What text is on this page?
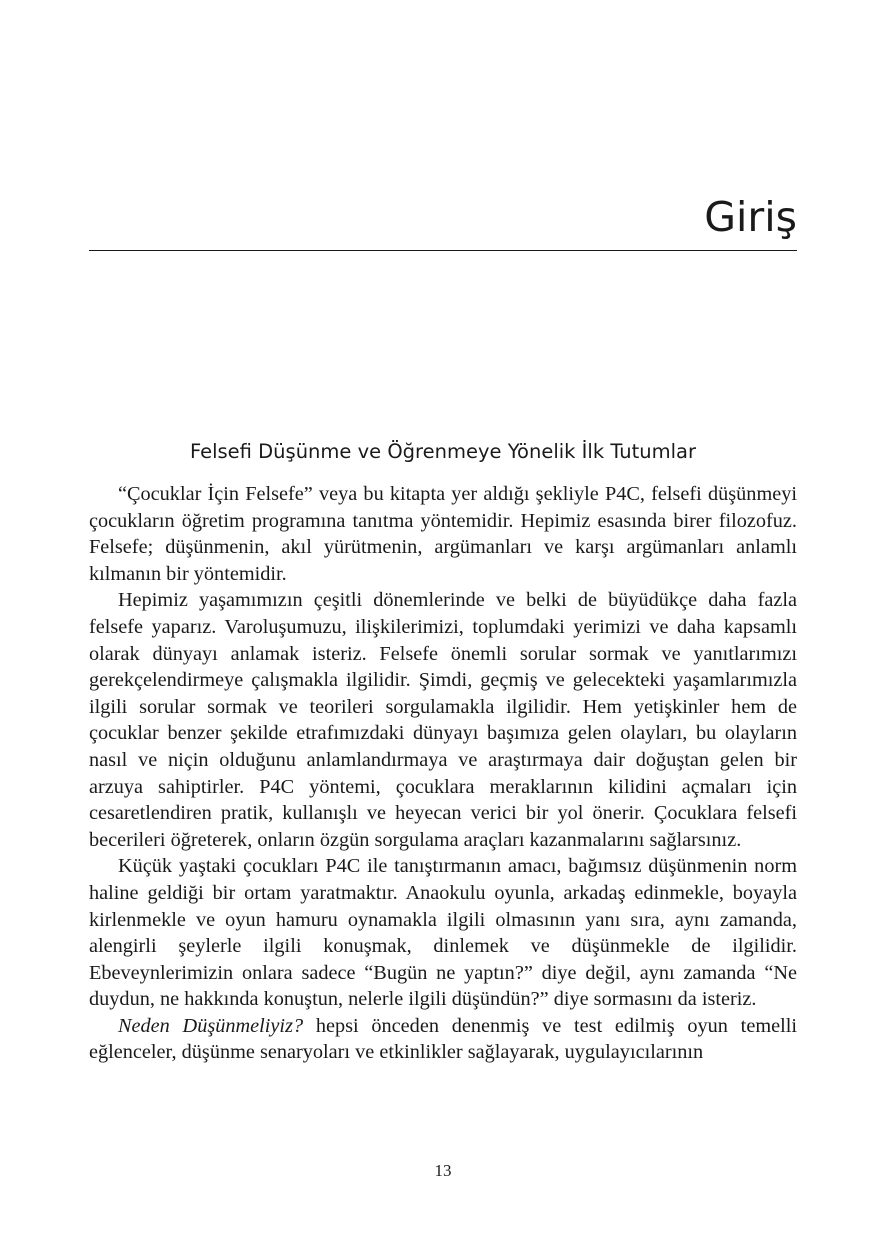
Giriş
Felsefi Düşünme ve Öğrenmeye Yönelik İlk Tutumlar

“Çocuklar İçin Felsefe” veya bu kitapta yer aldığı şekliyle P4C, felsefi düşünmeyi çocukların öğretim programına tanıtma yöntemidir. Hepimiz esasında birer filozofuz. Felsefe; düşünmenin, akıl yürütmenin, argümanları ve karşı argümanları anlamlı kılmanın bir yöntemidir.

Hepimiz yaşamımızın çeşitli dönemlerinde ve belki de büyüdükçe daha fazla felsefe yaparız. Varoluşumuzu, ilişkilerimizi, toplumdaki yerimizi ve daha kapsamlı olarak dünyayı anlamak isteriz. Felsefe önemli sorular sormak ve yanıtlarımızı gerekçelendirmeye çalışmakla ilgilidir. Şimdi, geçmiş ve gelecekteki yaşamlarımızla ilgili sorular sormak ve teorileri sorgulamakla ilgilidir. Hem yetişkinler hem de çocuklar benzer şekilde etrafımızdaki dünyayı başımıza gelen olayları, bu olayların nasıl ve niçin olduğunu anlamlandırmaya ve araştırmaya dair doğuştan gelen bir arzuya sahiptirler. P4C yöntemi, çocuklara meraklarının kilidini açmaları için cesaretlendiren pratik, kullanışlı ve heyecan verici bir yol önerir. Çocuklara felsefi becerileri öğreterek, onların özgün sorgulama araçları kazanmalarını sağlarsınız.

Küçük yaştaki çocukları P4C ile tanıştırmanın amacı, bağımsız düşünmenin norm haline geldiği bir ortam yaratmaktır. Anaokulu oyunla, arkadaş edinmekle, boyayla kirlenmekle ve oyun hamuru oynamakla ilgili olmasının yanı sıra, aynı zamanda, alengirli şeylerle ilgili konuşmak, dinlemek ve düşünmekle de ilgilidir. Ebeveynlerimizin onlara sadece “Bugün ne yaptın?” diye değil, aynı zamanda “Ne duydun, ne hakkında konuştun, nelerle ilgili düşündün?” diye sormasını da isteriz.

Neden Düşünmeliyiz? hepsi önceden denenmiş ve test edilmiş oyun temelli eğlenceler, düşünme senaryoları ve etkinlikler sağlayarak, uygulayıcılarının

13
